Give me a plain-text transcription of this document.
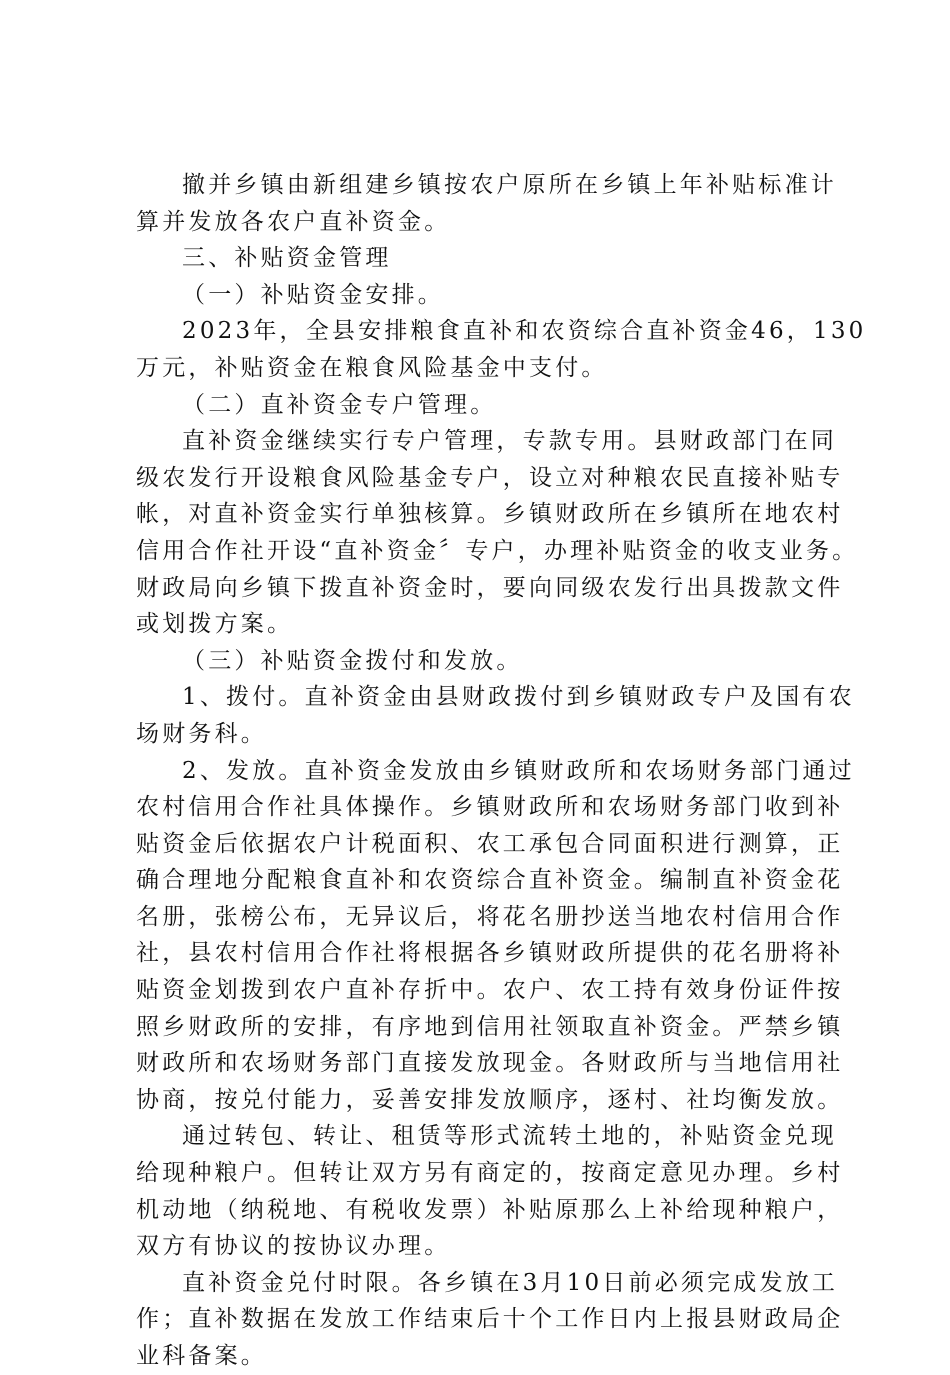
撤并乡镇由新组建乡镇按农户原所在乡镇上年补贴标准计
算并发放各农户直补资金。
三、补贴资金管理
（一）补贴资金安排。
2023年，全县安排粮食直补和农资综合直补资金46，130
万元，补贴资金在粮食风险基金中支付。
（二）直补资金专户管理。
直补资金继续实行专户管理，专款专用。县财政部门在同
级农发行开设粮食风险基金专户，设立对种粮农民直接补贴专
帐，对直补资金实行单独核算。乡镇财政所在乡镇所在地农村
信用合作社开设“直补资金〞专户，办理补贴资金的收支业务。
财政局向乡镇下拨直补资金时，要向同级农发行出具拨款文件
或划拨方案。
（三）补贴资金拨付和发放。
1、拨付。直补资金由县财政拨付到乡镇财政专户及国有农
场财务科。
2、发放。直补资金发放由乡镇财政所和农场财务部门通过
农村信用合作社具体操作。乡镇财政所和农场财务部门收到补
贴资金后依据农户计税面积、农工承包合同面积进行测算，正
确合理地分配粮食直补和农资综合直补资金。编制直补资金花
名册，张榜公布，无异议后，将花名册抄送当地农村信用合作
社，县农村信用合作社将根据各乡镇财政所提供的花名册将补
贴资金划拨到农户直补存折中。农户、农工持有效身份证件按
照乡财政所的安排，有序地到信用社领取直补资金。严禁乡镇
财政所和农场财务部门直接发放现金。各财政所与当地信用社
协商，按兑付能力，妥善安排发放顺序，逐村、社均衡发放。
通过转包、转让、租赁等形式流转土地的，补贴资金兑现
给现种粮户。但转让双方另有商定的，按商定意见办理。乡村
机动地（纳税地、有税收发票）补贴原那么上补给现种粮户，
双方有协议的按协议办理。
直补资金兑付时限。各乡镇在3月10日前必须完成发放工
作；直补数据在发放工作结束后十个工作日内上报县财政局企
业科备案。
